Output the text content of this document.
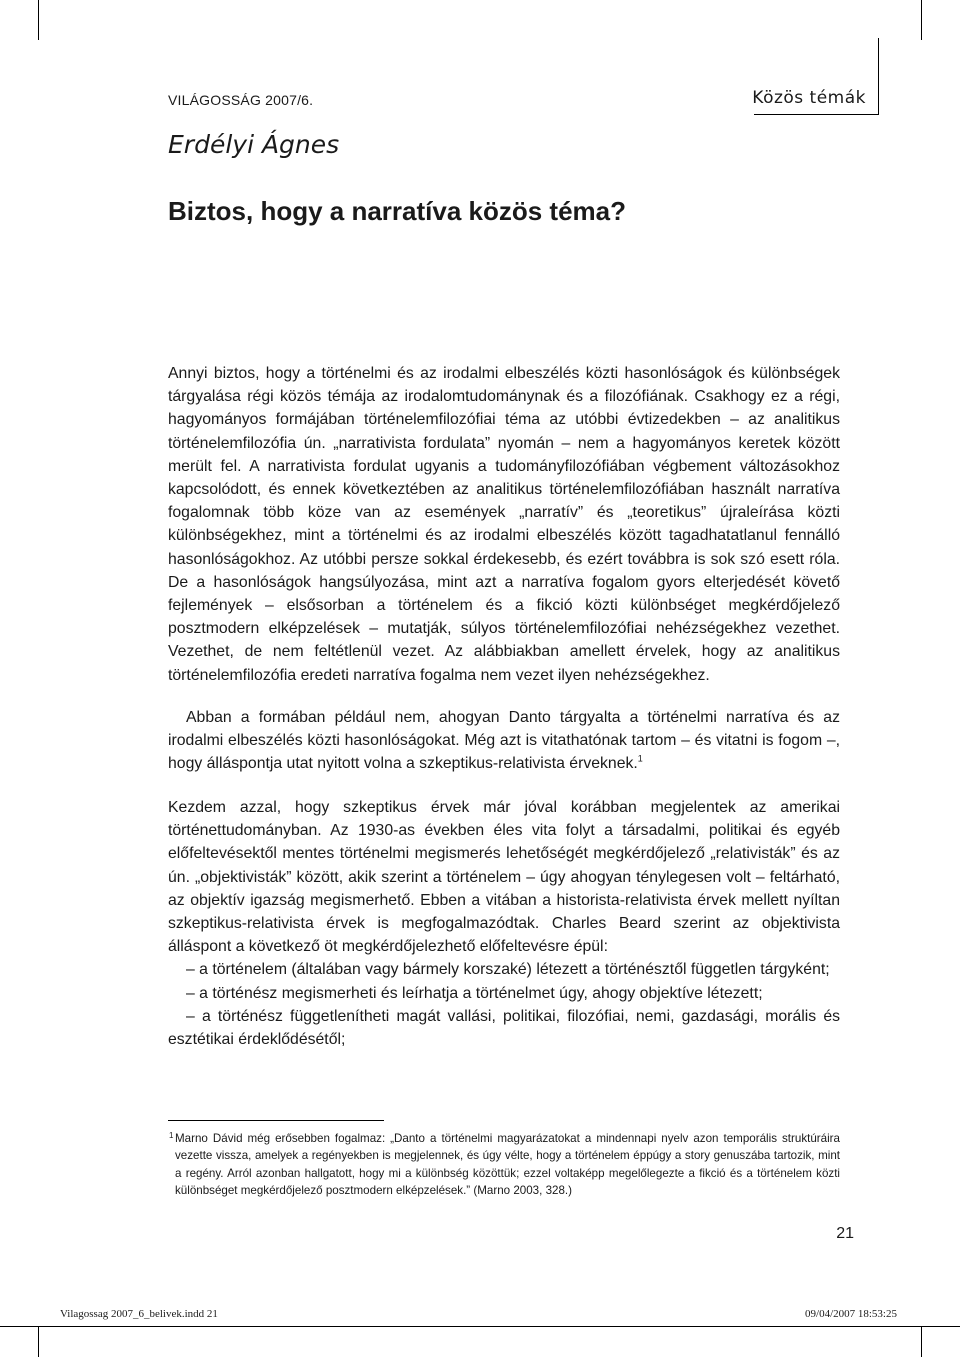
VILÁGOSSÁG 2007/6.	Közös témák
Erdélyi Ágnes
Biztos, hogy a narratíva közös téma?

Annyi biztos, hogy a történelmi és az irodalmi elbeszélés közti hasonlóságok és különbségek tárgyalása régi közös témája az irodalomtudománynak és a filozófiának. Csakhogy ez a régi, hagyományos formájában történelemfilozófiai téma az utóbbi évtizedekben – az analitikus történelemfilozófia ún. „narrativista fordulata” nyomán – nem a hagyományos keretek között merült fel. A narrativista fordulat ugyanis a tudományfilozófiában végbement változásokhoz kapcsolódott, és ennek következtében az analitikus történelemfilozófiában használt narratíva fogalomnak több köze van az események „narratív” és „teoretikus” újraleírása közti különbségekhez, mint a történelmi és az irodalmi elbeszélés között tagadhatatlanul fennálló hasonlóságokhoz. Az utóbbi persze sokkal érdekesebb, és ezért továbbra is sok szó esett róla. De a hasonlóságok hangsúlyozása, mint azt a narratíva fogalom gyors elterjedését követő fejlemények – elsősorban a történelem és a fikció közti különbséget megkérdőjelező posztmodern elképzelések – mutatják, súlyos történelemfilozófiai nehézségekhez vezethet. Vezethet, de nem feltétlenül vezet. Az alábbiakban amellett érvelek, hogy az analitikus történelemfilozófia eredeti narratíva fogalma nem vezet ilyen nehézségekhez.

Abban a formában például nem, ahogyan Danto tárgyalta a történelmi narratíva és az irodalmi elbeszélés közti hasonlóságokat. Még azt is vitathatónak tartom – és vitatni is fogom –, hogy álláspontja utat nyitott volna a szkeptikus-relativista érveknek.$^1$

Kezdem azzal, hogy szkeptikus érvek már jóval korábban megjelentek az amerikai történettudományban. Az 1930-as években éles vita folyt a társadalmi, politikai és egyéb előfeltevésektől mentes történelmi megismerés lehetőségét megkérdőjelező „relativisták” és az ún. „objektivisták” között, akik szerint a történelem – úgy ahogyan ténylegesen volt – feltárható, az objektív igazság megismerhető. Ebben a vitában a historista-relativista érvek mellett nyíltan szkeptikus-relativista érvek is megfogalmazódtak. Charles Beard szerint az objektivista álláspont a következő öt megkérdőjelezhető előfeltevésre épül:

– a történelem (általában vagy bármely korszaké) létezett a történésztől független tárgyként;

– a történész megismerheti és leírhatja a történelmet úgy, ahogy objektíve létezett;

– a történész függetlenítheti magát vallási, politikai, filozófiai, nemi, gazdasági, morális és esztétikai érdeklődésétől;

1 Marno Dávid még erősebben fogalmaz: „Danto a történelmi magyarázatokat a mindennapi nyelv azon temporális struktúráira vezette vissza, amelyek a regényekben is megjelennek, és úgy vélte, hogy a történelem éppúgy a story genuszába tartozik, mint a regény. Arról azonban hallgatott, hogy mi a különbség közöttük; ezzel voltaképp megelőlegezte a fikció és a történelem közti különbséget megkérdőjelező posztmodern elképzelések.” (Marno 2003, 328.)
21
Vilagossag 2007_6_belivek.indd 21	09/04/2007 18:53:25
